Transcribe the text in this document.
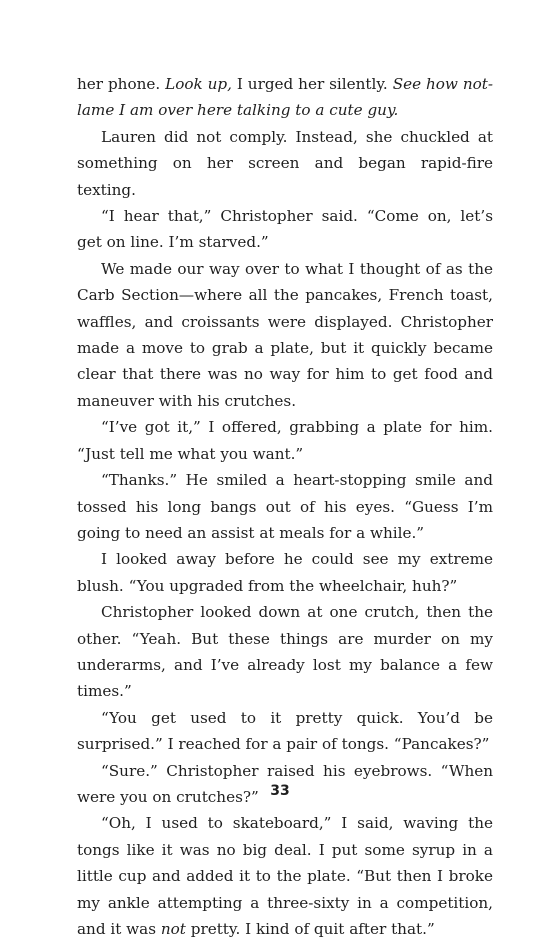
her phone. Look up, I urged her silently. See how not-lame I am over here talking to a cute guy.

Lauren did not comply. Instead, she chuckled at something on her screen and began rapid-fire texting.

“I hear that,” Christopher said. “Come on, let’s get on line. I’m starved.”

We made our way over to what I thought of as the Carb Section—where all the pancakes, French toast, waffles, and croissants were displayed. Christopher made a move to grab a plate, but it quickly became clear that there was no way for him to get food and maneuver with his crutches.

“I’ve got it,” I offered, grabbing a plate for him. “Just tell me what you want.”

“Thanks.” He smiled a heart-stopping smile and tossed his long bangs out of his eyes. “Guess I’m going to need an assist at meals for a while.”

I looked away before he could see my extreme blush. “You upgraded from the wheelchair, huh?”

Christopher looked down at one crutch, then the other. “Yeah. But these things are murder on my underarms, and I’ve already lost my balance a few times.”

“You get used to it pretty quick. You’d be surprised.” I reached for a pair of tongs. “Pancakes?”

“Sure.” Christopher raised his eyebrows. “When were you on crutches?”

“Oh, I used to skateboard,” I said, waving the tongs like it was no big deal. I put some syrup in a little cup and added it to the plate. “But then I broke my ankle attempting a three-sixty in a competition, and it was not pretty. I kind of quit after that.”

33
